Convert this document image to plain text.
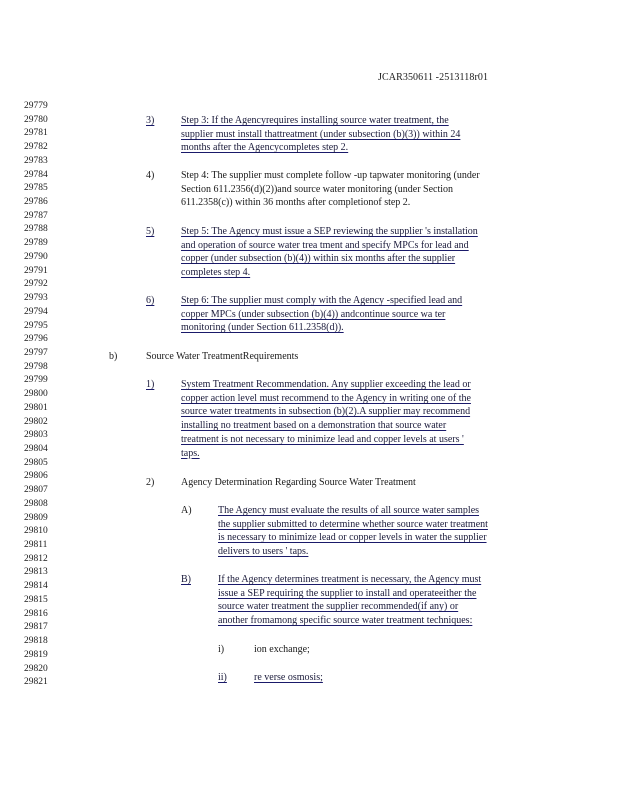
JCAR350611 -2513118r01
29779
29780
29781
29782
29783
29784
29785
29786
29787
29788
29789
29790
29791
29792
29793
29794
29795
29796
29797
29798
29799
29800
29801
29802
29803
29804
29805
29806
29807
29808
29809
29810
29811
29812
29813
29814
29815
29816
29817
29818
29819
29820
29821
3)	Step 3: If the Agencyrequires installing source water treatment, the
supplier must install thattreatment (under subsection (b)(3)) within 24
months after the Agencycompletes step 2.
4)	Step 4: The supplier must complete follow -up tapwater monitoring (under
Section 611.2356(d)(2))and source water monitoring (under Section
611.2358(c)) within 36 months after completionof step 2.
5)	Step 5: The Agency must issue a SEP reviewing the supplier 's installation
and operation of source water trea tment and specify MPCs for lead and
copper (under subsection (b)(4)) within six months after the supplier
completes step 4.
6)	Step 6: The supplier must comply with the Agency -specified lead and
copper MPCs (under subsection (b)(4)) andcontinue source wa ter
monitoring (under Section 611.2358(d)).
b)	Source Water TreatmentRequirements
1)	System Treatment Recommendation. Any supplier exceeding the lead or
copper action level must recommend to the Agency in writing one of the
source water treatments in subsection (b)(2).A supplier may recommend
installing no treatment based on a demonstration that source water
treatment is not necessary to minimize lead and copper levels at users '
taps.
2)	Agency Determination Regarding Source Water Treatment
A)	The Agency must evaluate the results of all source water samples
the supplier submitted to determine whether source water treatment
is necessary to minimize lead or copper levels in water the supplier
delivers to users ' taps.
B)	If the Agency determines treatment is necessary, the Agency must
issue a SEP requiring the supplier to install and operateeither the
source water treatment the supplier recommended(if any) or
another fromamong specific source water treatment techniques:
i)	ion exchange;
ii)	re verse osmosis;
